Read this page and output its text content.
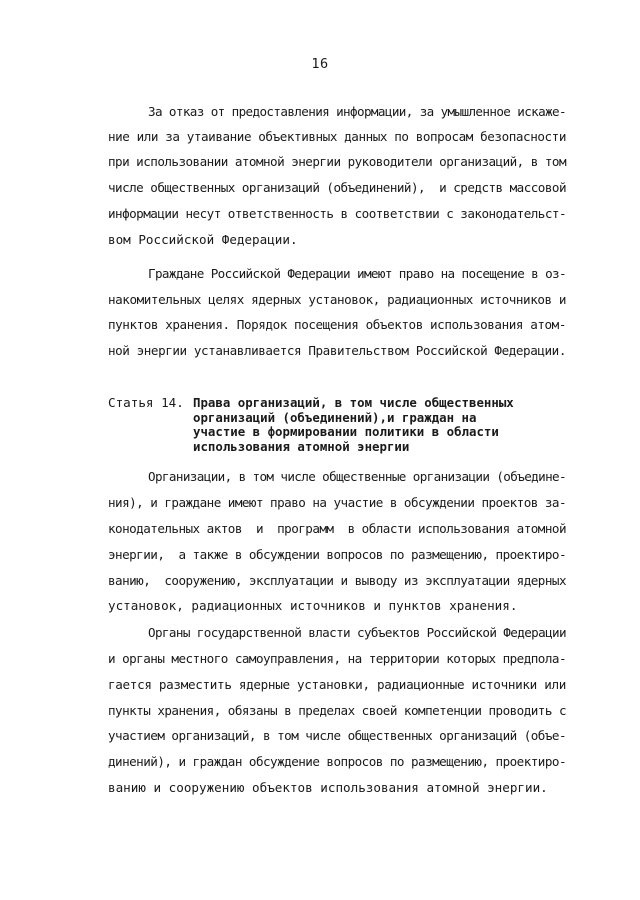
16
За отказ от предоставления информации, за умышленное искаже-
ние или за утаивание объективных данных по вопросам безопасности
при использовании атомной энергии руководители организаций, в том
числе общественных организаций (объединений),  и средств массовой
информации несут ответственность в соответствии с законодательст-
вом Российской Федерации.
Граждане Российской Федерации имеют право на посещение в оз-
накомительных целях ядерных установок, радиационных источников и
пунктов хранения. Порядок посещения объектов использования атом-
ной энергии устанавливается Правительством Российской Федерации.
Статья 14. Права организаций, в том числе общественных
организаций (объединений),и граждан на
участие в формировании политики в области
использования атомной энергии
Организации, в том числе общественные организации (объедине-
ния), и граждане имеют право на участие в обсуждении проектов за-
конодательных актов  и  программ  в области использования атомной
энергии,  а также в обсуждении вопросов по размещению, проектиро-
ванию,  сооружению, эксплуатации и выводу из эксплуатации ядерных
установок, радиационных источников и пунктов хранения.
Органы государственной власти субъектов Российской Федерации
и органы местного самоуправления, на территории которых предпола-
гается разместить ядерные установки, радиационные источники или
пункты хранения, обязаны в пределах своей компетенции проводить с
участием организаций, в том числе общественных организаций (объе-
динений), и граждан обсуждение вопросов по размещению, проектиро-
ванию и сооружению объектов использования атомной энергии.
